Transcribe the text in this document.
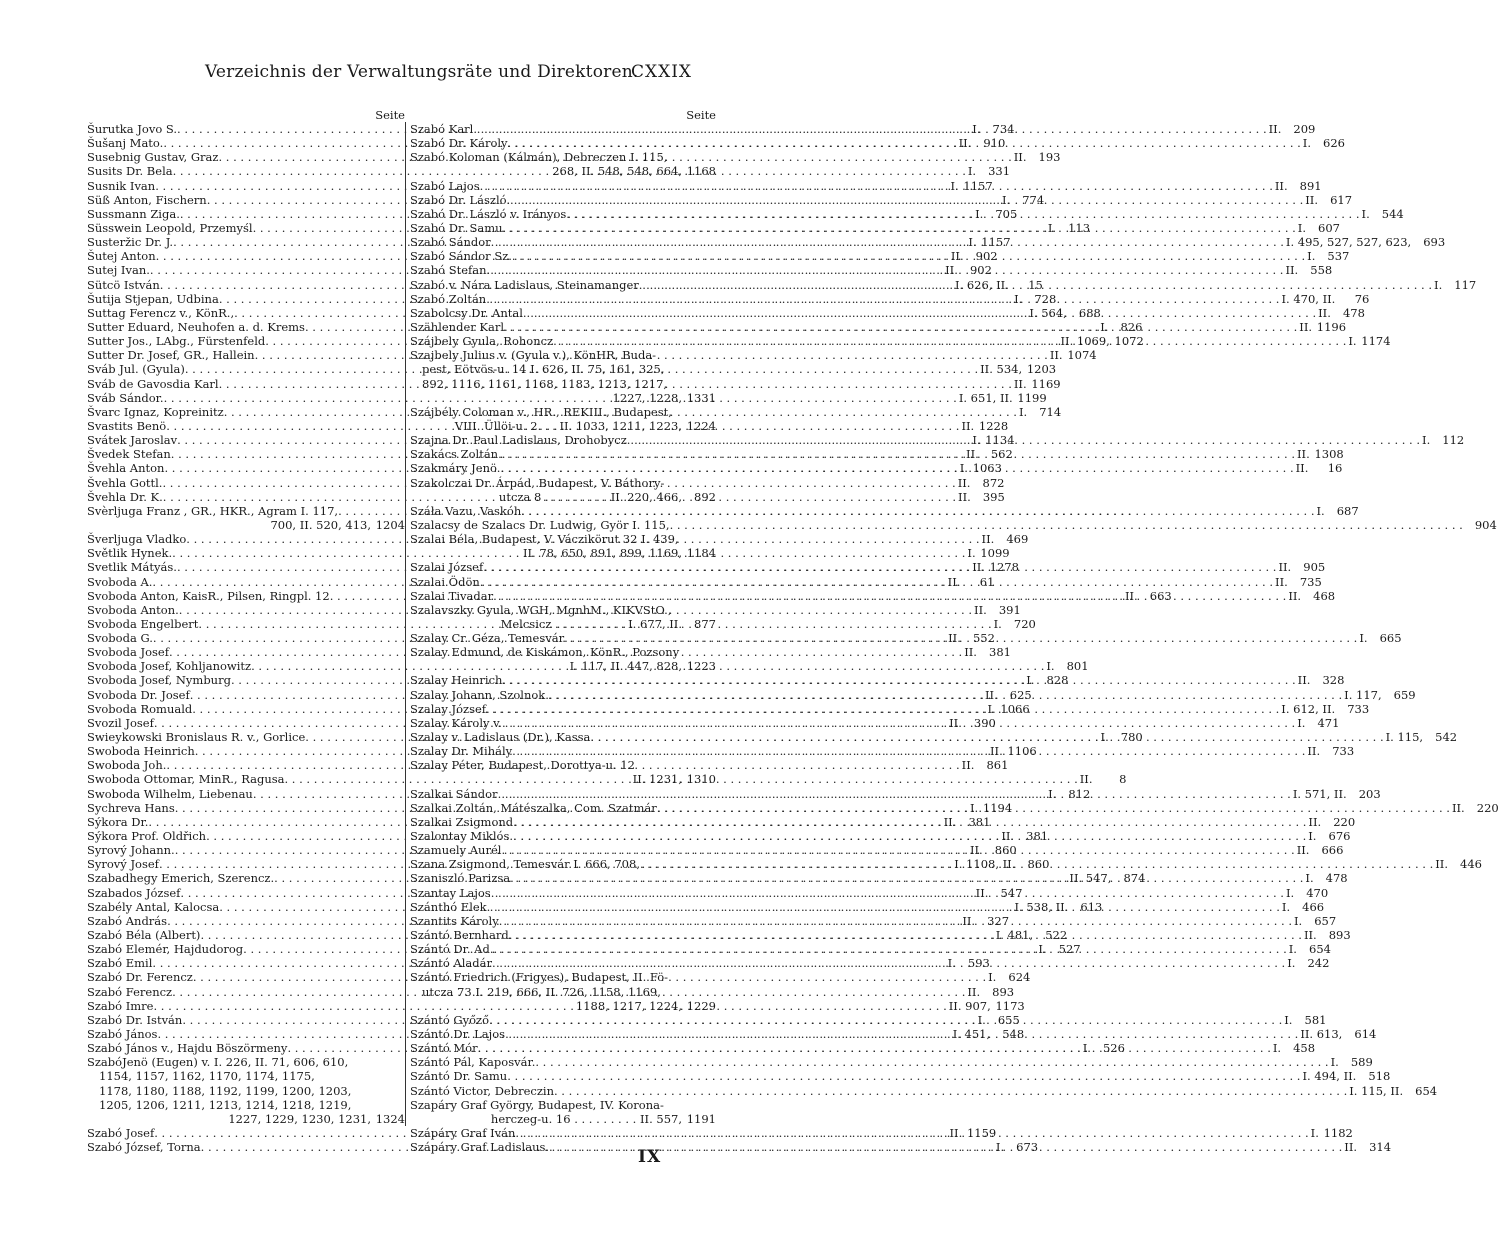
Verzeichnis der Verwaltungsräte und Direktoren.
CXXIX
Seite
Šurutka Jovo S. . . .	I.	734
Šušanj Mato. . . .	II.	910
Susebnig Gustav, Graz . . .	II.	193
Susits Dr. Bela . . .	I.	331
Susnik Ivan . . .	I. 1157
Süß Anton, Fischern . . .	I.	774
Sussmann Ziga. . . .	I.	705
Süsswein Leopold, Przemyśl . . .	I.	113
Susteržic Dr. J. . . .	I. 1157
Šutej Anton . . .	II.	902
Sutej Ivan. . . .	II.	902
Sütcö István . . .	I. 626, II.	15
Šutija Stjepan, Udbina . . .	I.	728
Suttag Ferencz v., KönR., . . .	I. 564,	688
Sutter Eduard, Neuhofen a. d. Krems . . .	I.	826
Sutter Jos., LAbg., Fürstenfeld . . .	II. 1069, 1072
Sutter Dr. Josef, GR., Hallein . . .	II. 1074
Sváb Jul. (Gyula) . . .	II. 534, 1203
Sváb de Gavosdia Karl . . .	II. 1169
Sváb Sándor. . . .	I. 651, II. 1199
Švarc Ignaz, Kopreinitz . . .	I.	714
Svastits Benö . . .	II. 1228
Svátek Jaroslav . . .	I. 1134
Švedek Stefan . . .	II.	562
Švehla Anton . . .	I. 1063
Švehla Gottl. . . .	II.	872
Švehla Dr. K. . . .	II.	395
Svèrljuga Franz , GR., HKR., Agram I. 117,
. . .
700, II. 520, 413, 1204
Šverljuga Vladko . . .	II.	469
Světlik Hynek. . . .	I. 1099
Svetlik Mátyás. . . .	II. 1278
Svoboda A. . . .	II.	61
Svoboda Anton, KaisR., Pilsen, Ringpl. 12 . . .	II.	663
Svoboda Anton. . . .	II.	391
Svoboda Engelbert . . .	I.	720
Svoboda G. . . .	II.	552
Svoboda Josef . . .	II.	381
Svoboda Josef, Kohljanowitz . . .	I.	801
Svoboda Josef, Nymburg . . .	I.	828
Svoboda Dr. Josef . . .	II.	625
Svoboda Romuald . . .	I. 1066
Svozil Josef . . .	II.	390
Swieykowski Bronislaus R. v., Gorlice . . .	I.	780
Swoboda Heinrich . . .	II. 1106
Swoboda Joh. . . .	II.	861
Swoboda Ottomar, MinR., Ragusa . . .	II.	8
Swoboda Wilhelm, Liebenau . . .	I.	812
Sychreva Hans . . .	I. 1194
Sýkora Dr. . . .	II.	381
Sýkora Prof. Oldřich . . .	II.	381
Syrový Johann. . . .	II.	860
Syrový Josef . . .	I. 1108, II.	860
Szabadhegy Emerich, Szerencz. . . .	II. 547,	874
Szabados József . . .	II.	547
Szabély Antal, Kalocsa . . .	I. 538, II.	613
Szabó András . . .	II.	327
Szabó Béla (Albert) . . .	I. 481,	522
Szabó Elemér, Hajdudorog . . .	I.	527
Szabó Emil . . .	I.	593
Szabó Dr. Ferencz . . .	I.	624
Szabó Ferencz . . .	II.	893
Szabó Imre . . .	II. 907, 1173
Szabó Dr. István . . .	I.	655
Szabó János . . .	I. 451,	548
Szabó János v., Hajdu Böszörmeny . . .	I.	526
SzabóJenö (Eugen) v. I. 226, II. 71, 606, 610,
1154, 1157, 1162, 1170, 1174, 1175,
1178, 1180, 1188, 1192, 1199, 1200, 1203,
1205, 1206, 1211, 1213, 1214, 1218, 1219,
1227, 1229, 1230, 1231, 1324
Szabó Josef . . .	II. 1159
Szabó József, Torna . . .	I.	673
Seite
Szabó Karl . . .	II.	209
Szabó Dr. Károly . . .	I.	626
Szabó Koloman (Kálmán), Debreczen I. 115,
268, II. 548, 548, 664, 1168
Szabó Lajos . . .	II.	891
Szabó Dr. László. . . .	II.	617
Szabó Dr. László v. Irányos . . .	I.	544
Szabó Dr. Samu . . .	I.	607
Szabó Sándor . . .	I. 495, 527, 527, 623,	693
Szabó Sándor Sz. . . .	I.	537
Szabó Stefan. . . .	II.	558
Szabó v. Nára Ladislaus, Steinamanger . . .	I.	117
Szabó Zoltán . . .	I. 470, II.	76
Szabolcsy Dr. Antal . . .	II.	478
Szählender Karl . . .	II. 1196
Szájbely Gyula, Rohoncz . . .	I. 1174
Szajbely Julius v. (Gyula v.), KönHR, Buda-
pest, Eötvös-u. 14 I. 626, II. 75, 161, 325,
892, 1116, 1161, 1168, 1183, 1213, 1217,
1227, 1228, 1331
Szájbély Coloman v., HR., REKIII., Budapest,
VIII. Üllöi-u. 2. . . II. 1033, 1211, 1223, 1224
Szajna Dr. Paul Ladislaus, Drohobycz . . .	I.	112
Szakács Zoltán. . . .	II. 1308
Szakmáry Jenö. . . .	II.	16
Szakolczai Dr. Árpád, Budapest, V. Báthory-
utcza 8 . . . . . . . . . II. 220, 466,	892
Száła Vazu, Vaskóh . . .	I.	687
Szalacsy de Szalacs Dr. Ludwig, Györ I. 115, . . .	904
Szalai Béla, Budapest, V. Váczikörut 32 I. 439,
II. 78, 650, 891, 899, 1169, 1184
Szalai József . . .	II.	905
Szalai Ödön . . .	II.	735
Szalai Tivadar . . .	II.	468
Szalavszky Gyula, WGH, MgnhM., KIKVStO.,
Melcsicz . . . . . . . . . . I. 677, II.	877
Szalay Cr. Géza, Temesvár . . .	I.	665
Szalay Edmund, de Kiskámon, KönR., Pozsony
I. 117, II. 447, 828, 1223
Szalay Heinrich . . .	II.	328
Szalay Johann, Szolnok. . . .	I. 117,	659
Szalay József . . .	I. 612, II.	733
Szalay Károly v. . . .	I.	471
Szalay v. Ladislaus (Dr.), Kassa . . .	I. 115,	542
Szalay Dr. Mihály . . .	II.	733
Szalay Péter, Budapest, Dorottya-u. 12
II. 1231, 1310
Szalkai Sándor . . .	I. 571, II.	203
Szalkai Zoltán, Mátészalka, Com. Szatmár . . .	II.	220
Szalkai Zsigmond . . .	II.	220
Szalontay Miklós. . . .	I.	676
Szamuely Aurél . . .	II.	666
Szana Zsigmond, Temesvár I. 666, 708, . . .	II.	446
Szaniszló Parizsa . . .	I.	478
Szantay Lajos . . .	I.	470
Szánthó Elek . . .	I.	466
Szantits Károly . . .	I.	657
Szántó Bernhard . . .	II.	893
Szántó Dr. Ad. . . .	I.	654
Szántó Aladár . . .	I.	242
Szántó Friedrich (Frigyes), Budapest, II. Fö-
utcza 73 I. 219, 666, II. 726, 1158, 1169,
1188, 1217, 1224, 1229
Szántó Győző . . .	I.	581
Szántó Dr. Lajos . . .	II. 613,	614
Szántó Mór . . .	I.	458
Szántó Pál, Kaposvár. . . .	I.	589
Szántó Dr. Samu . . .	I. 494, II.	518
Szántó Victor, Debreczin . . .	I. 115, II.	654
Szapáry Graf György, Budapest, IV. Korona-
herczeg-u. 16 . . . . . . . . . II. 557, 1191
Szápáry Graf Iván . . .	I. 1182
Szápáry Graf Ladislaus. . . .	II.	314
IX
